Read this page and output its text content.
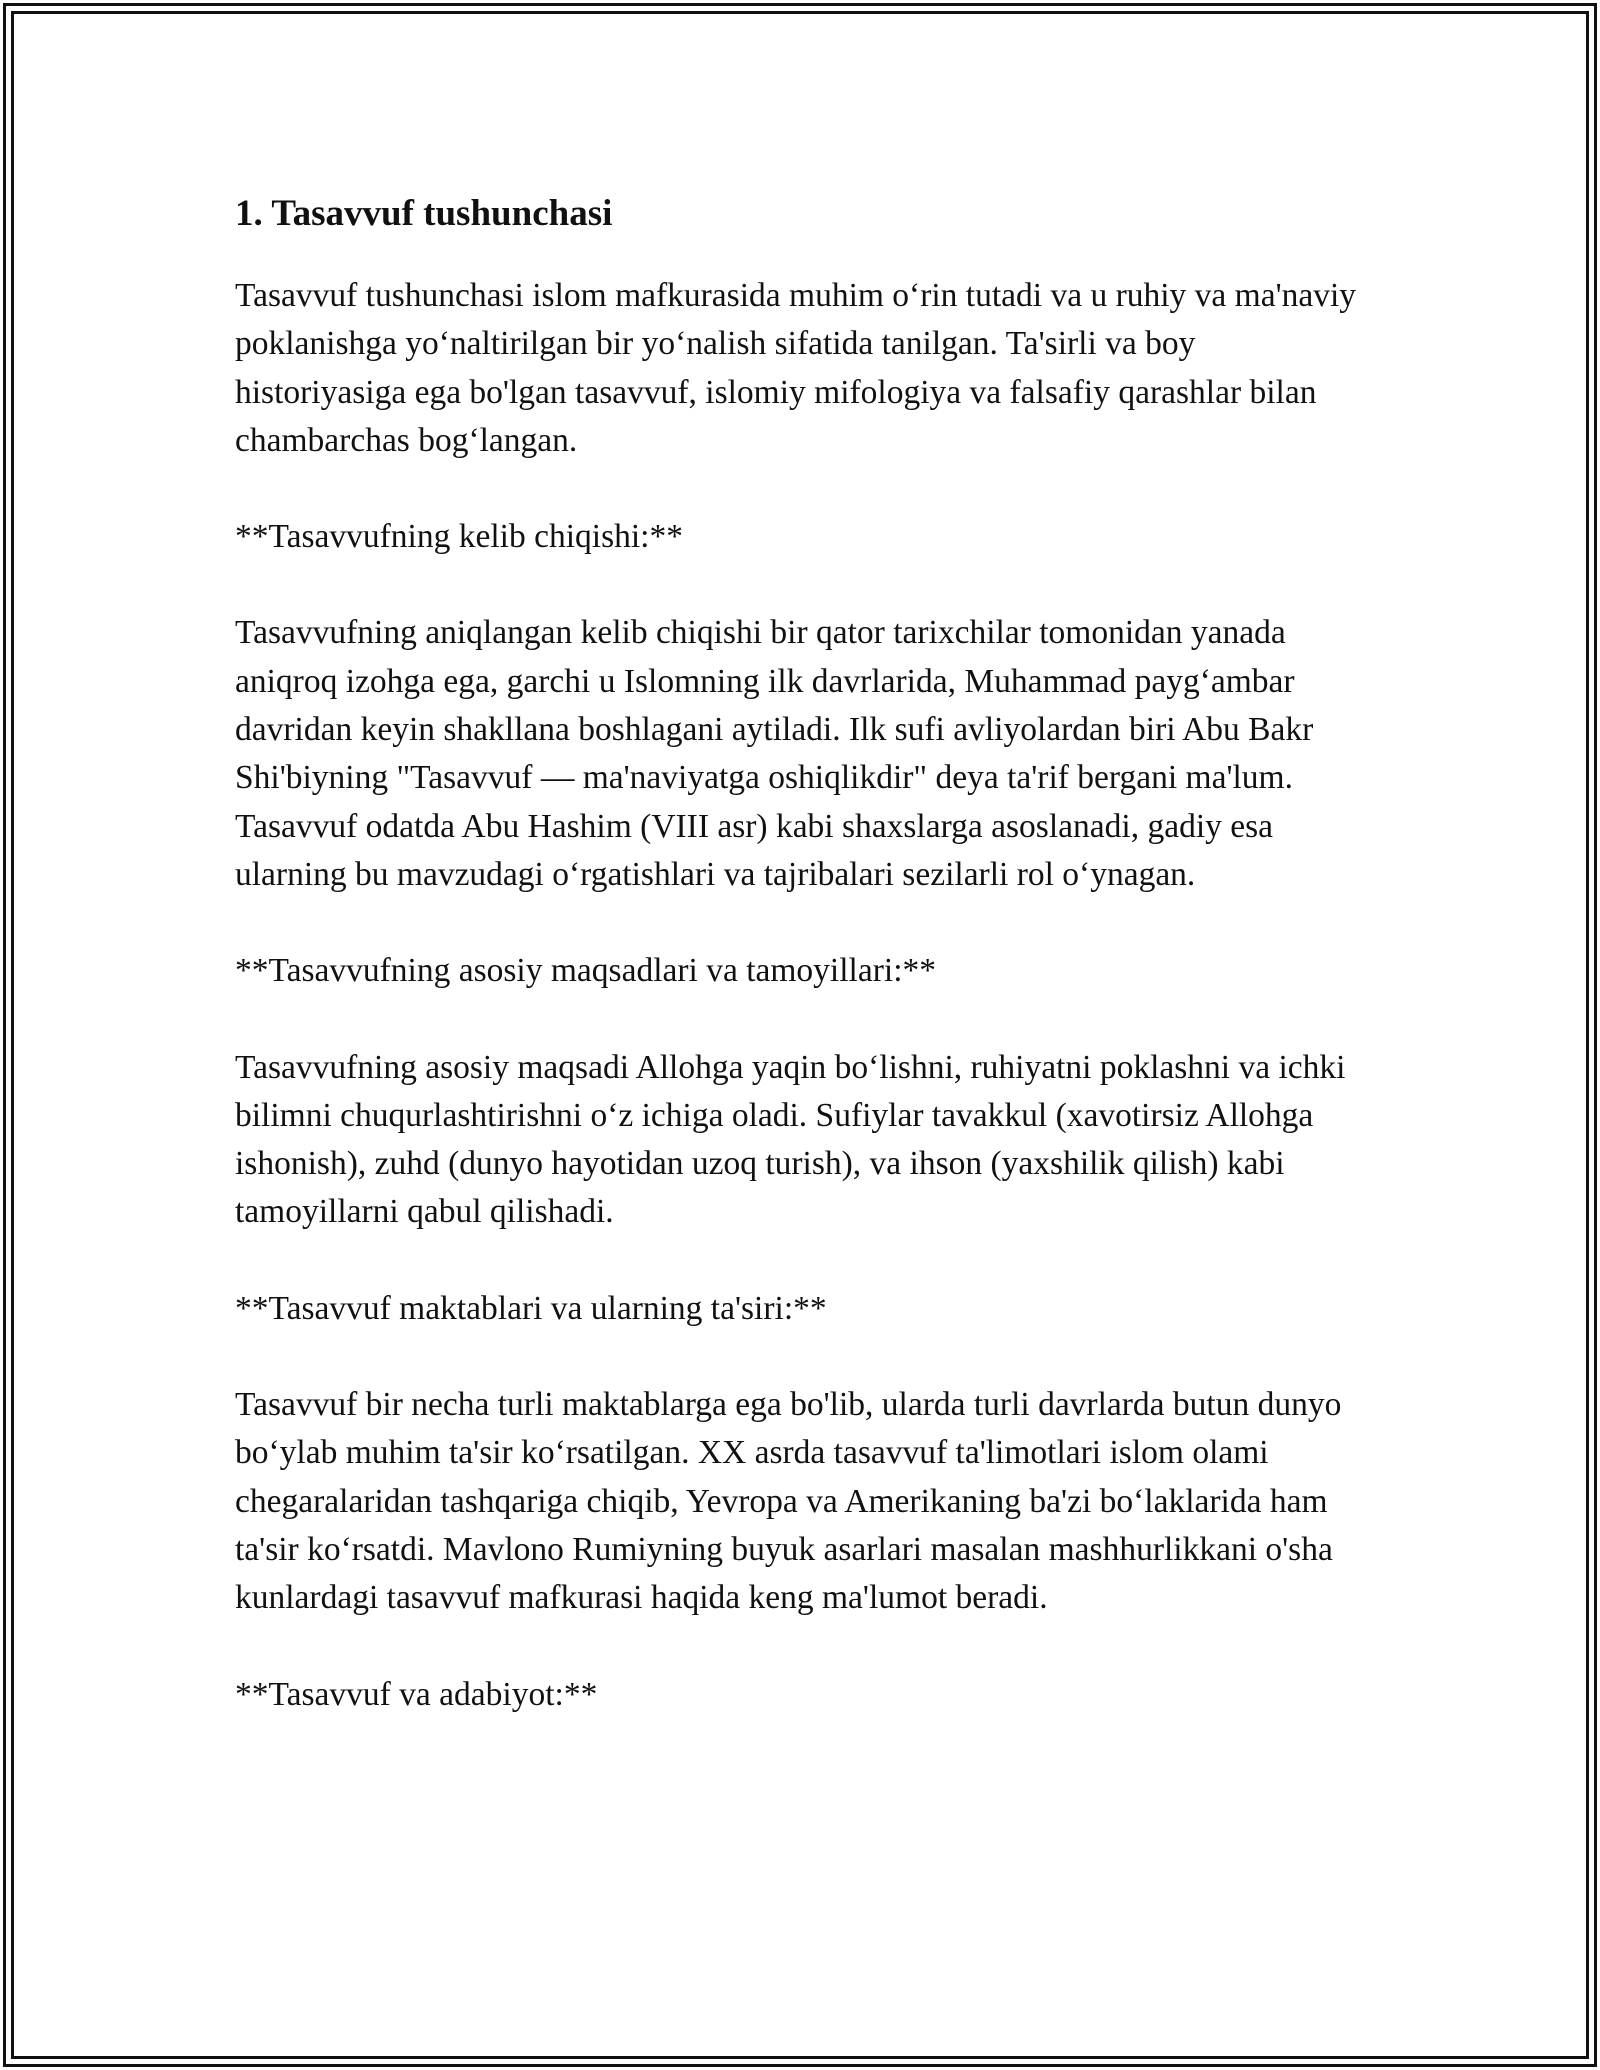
1. Tasavvuf tushunchasi

Tasavvuf tushunchasi islom mafkurasida muhim o‘rin tutadi va u ruhiy va ma'naviy poklanishga yo‘naltirilgan bir yo‘nalish sifatida tanilgan. Ta'sirli va boy historiyasiga ega bo'lgan tasavvuf, islomiy mifologiya va falsafiy qarashlar bilan chambarchas bog‘langan.

**Tasavvufning kelib chiqishi:**

Tasavvufning aniqlangan kelib chiqishi bir qator tarixchilar tomonidan yanada aniqroq izohga ega, garchi u Islomning ilk davrlarida, Muhammad payg‘ambar davridan keyin shakllana boshlagani aytiladi. Ilk sufi avliyolardan biri Abu Bakr Shi'biyning "Tasavvuf — ma'naviyatga oshiqlikdir" deya ta'rif bergani ma'lum. Tasavvuf odatda Abu Hashim (VIII asr) kabi shaxslarga asoslanadi, gadiy esa ularning bu mavzudagi o‘rgatishlari va tajribalari sezilarli rol o‘ynagan.

**Tasavvufning asosiy maqsadlari va tamoyillari:**

Tasavvufning asosiy maqsadi Allohga yaqin bo‘lishni, ruhiyatni poklashni va ichki bilimni chuqurlashtirishni o‘z ichiga oladi. Sufiylar tavakkul (xavotirsiz Allohga ishonish), zuhd (dunyo hayotidan uzoq turish), va ihson (yaxshilik qilish) kabi tamoyillarni qabul qilishadi.

**Tasavvuf maktablari va ularning ta'siri:**

Tasavvuf bir necha turli maktablarga ega bo'lib, ularda turli davrlarda butun dunyo bo‘ylab muhim ta'sir ko‘rsatilgan. XX asrda tasavvuf ta'limotlari islom olami chegaralaridan tashqariga chiqib, Yevropa va Amerikaning ba'zi bo‘laklarida ham ta'sir ko‘rsatdi. Mavlono Rumiyning buyuk asarlari masalan mashhurlikkani o'sha kunlardagi tasavvuf mafkurasi haqida keng ma'lumot beradi.

**Tasavvuf va adabiyot:**
